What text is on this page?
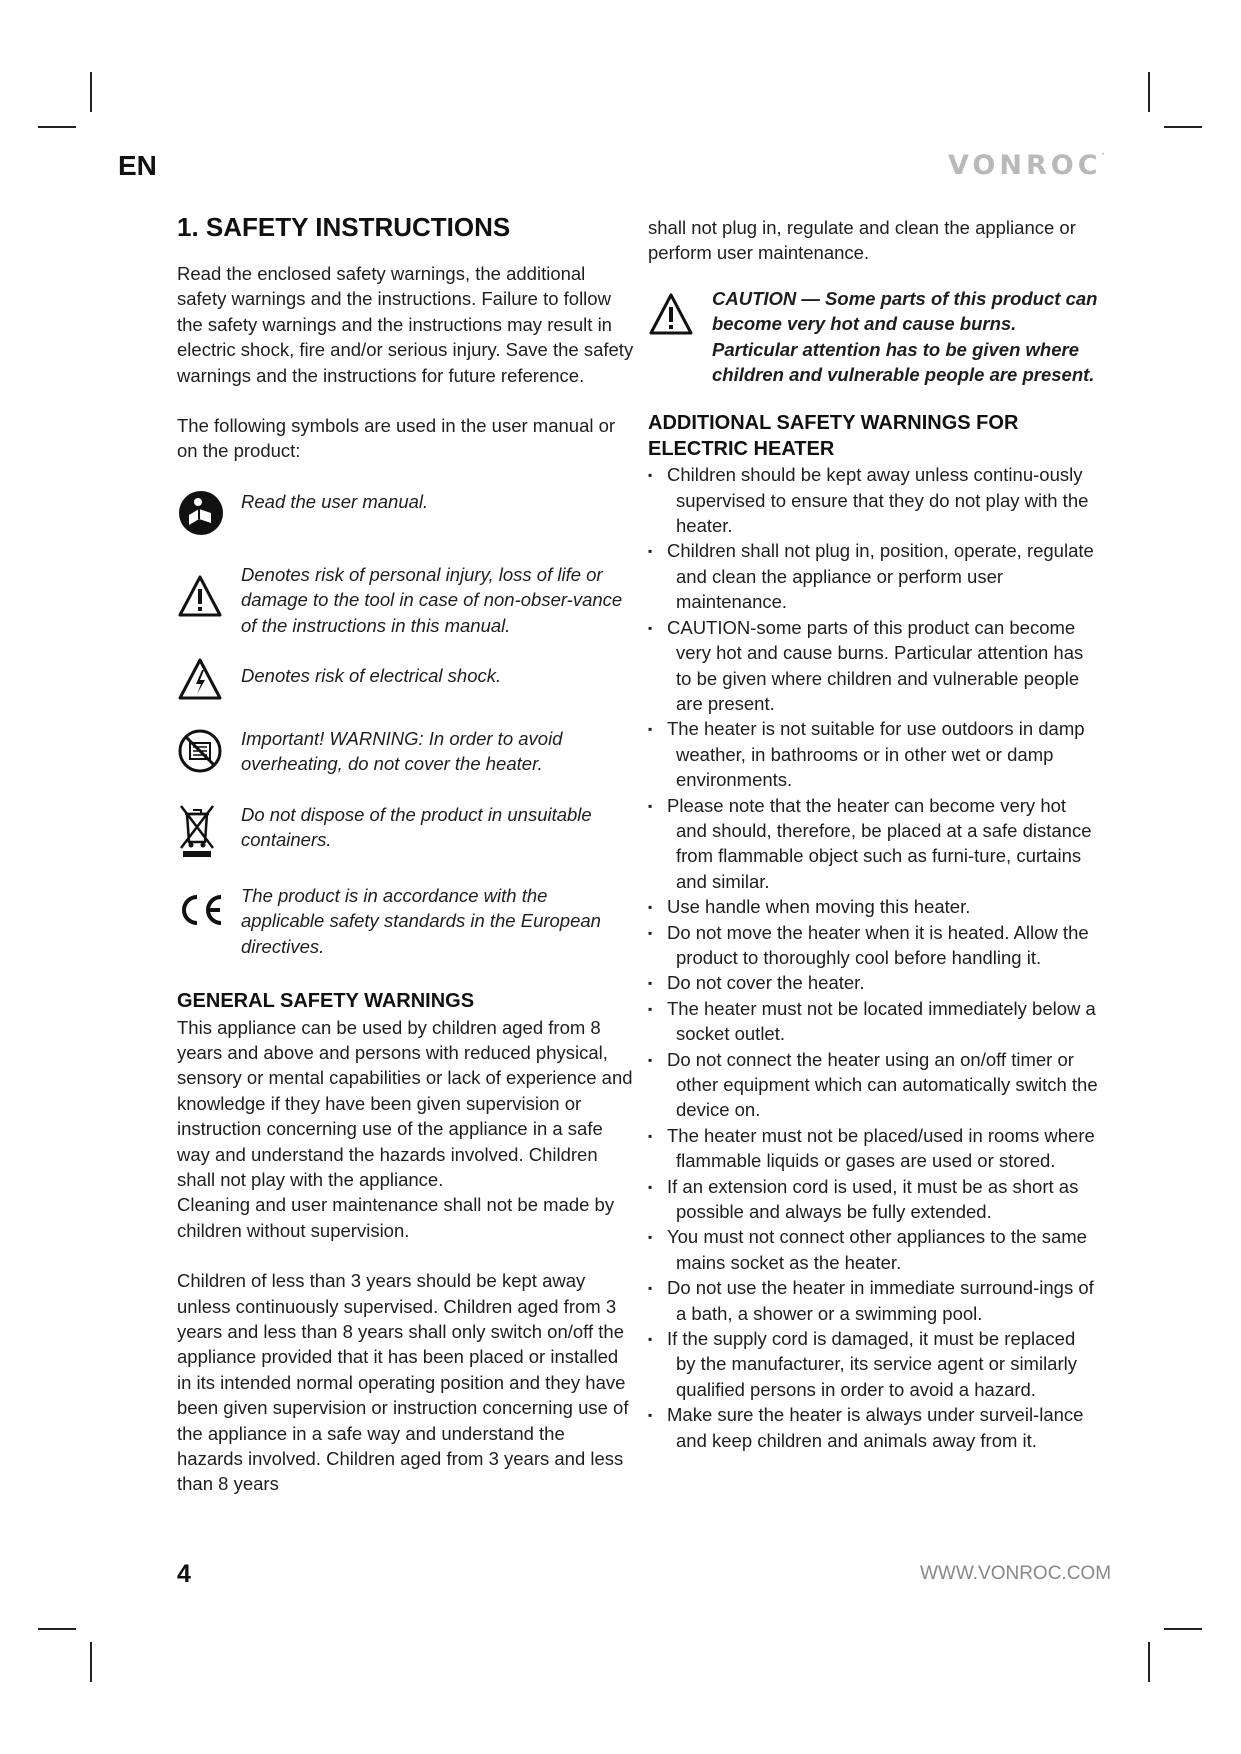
EN	VONROC·
1. SAFETY INSTRUCTIONS

Read the enclosed safety warnings, the additional safety warnings and the instructions. Failure to follow the safety warnings and the instructions may result in electric shock, fire and/or serious injury. Save the safety warnings and the instructions for future reference.

The following symbols are used in the user manual or on the product:

Read the user manual.
Denotes risk of personal injury, loss of life or damage to the tool in case of non-obser-vance of the instructions in this manual.
Denotes risk of electrical shock.
Important! WARNING: In order to avoid overheating, do not cover the heater.
Do not dispose of the product in unsuitable containers.
The product is in accordance with the applicable safety standards in the European directives.
GENERAL SAFETY WARNINGS

This appliance can be used by children aged from 8 years and above and persons with reduced physical, sensory or mental capabilities or lack of experience and knowledge if they have been given supervision or instruction concerning use of the appliance in a safe way and understand the hazards involved. Children shall not play with the appliance.

Cleaning and user maintenance shall not be made by children without supervision.

Children of less than 3 years should be kept away unless continuously supervised. Children aged from 3 years and less than 8 years shall only switch on/off the appliance provided that it has been placed or installed in its intended normal operating position and they have been given supervision or instruction concerning use of the appliance in a safe way and understand the hazards involved. Children aged from 3 years and less than 8 years

shall not plug in, regulate and clean the appliance or perform user maintenance.

CAUTION — Some parts of this product can become very hot and cause burns. Particular attention has to be given where children and vulnerable people are present.
ADDITIONAL SAFETY WARNINGS FOR ELECTRIC HEATER
▪ Children should be kept away unless continu-ously supervised to ensure that they do not play with the heater.
▪ Children shall not plug in, position, operate, regulate and clean the appliance or perform user maintenance.
▪ CAUTION-some parts of this product can become very hot and cause burns. Particular attention has to be given where children and vulnerable people are present.
▪ The heater is not suitable for use outdoors in damp weather, in bathrooms or in other wet or damp environments.
▪ Please note that the heater can become very hot and should, therefore, be placed at a safe distance from flammable object such as furni-ture, curtains and similar.
▪ Use handle when moving this heater.
▪ Do not move the heater when it is heated. Allow the product to thoroughly cool before handling it.
▪ Do not cover the heater.
▪ The heater must not be located immediately below a socket outlet.
▪ Do not connect the heater using an on/off timer or other equipment which can automatically switch the device on.
▪ The heater must not be placed/used in rooms where flammable liquids or gases are used or stored.
▪ If an extension cord is used, it must be as short as possible and always be fully extended.
▪ You must not connect other appliances to the same mains socket as the heater.
▪ Do not use the heater in immediate surround-ings of a bath, a shower or a swimming pool.
▪ If the supply cord is damaged, it must be replaced by the manufacturer, its service agent or similarly qualified persons in order to avoid a hazard.
▪ Make sure the heater is always under surveil-lance and keep children and animals away from it.
4	WWW.VONROC.COM
